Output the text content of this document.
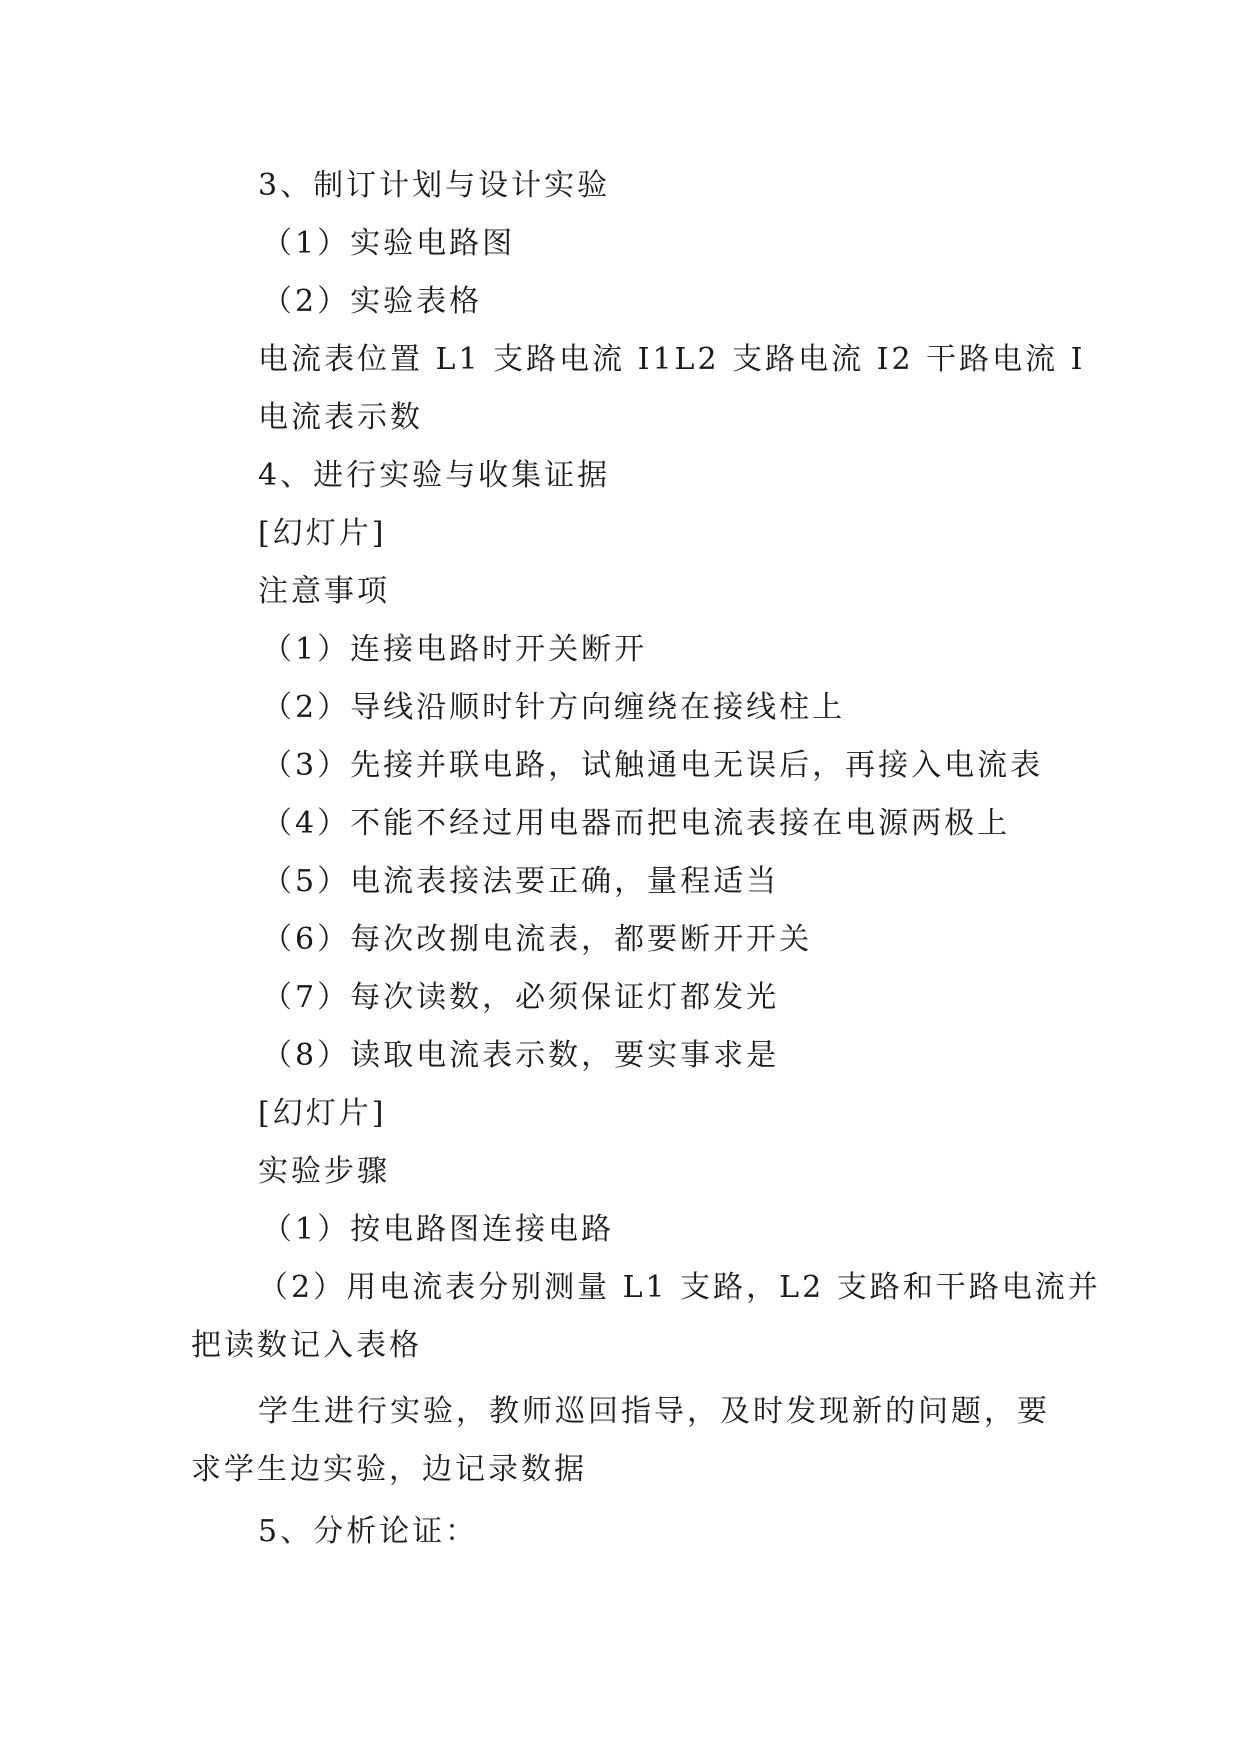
3、制订计划与设计实验
（1）实验电路图
（2）实验表格
电流表位置 L1 支路电流 I1L2 支路电流 I2 干路电流 I
电流表示数
4、进行实验与收集证据
[幻灯片]
注意事项
（1）连接电路时开关断开
（2）导线沿顺时针方向缠绕在接线柱上
（3）先接并联电路，试触通电无误后，再接入电流表
（4）不能不经过用电器而把电流表接在电源两极上
（5）电流表接法要正确，量程适当
（6）每次改捌电流表，都要断开开关
（7）每次读数，必须保证灯都发光
（8）读取电流表示数，要实事求是
[幻灯片]
实验步骤
（1）按电路图连接电路
（2）用电流表分别测量 L1 支路，L2 支路和干路电流并
把读数记入表格
学生进行实验，教师巡回指导，及时发现新的问题，要
求学生边实验，边记录数据
5、分析论证：
